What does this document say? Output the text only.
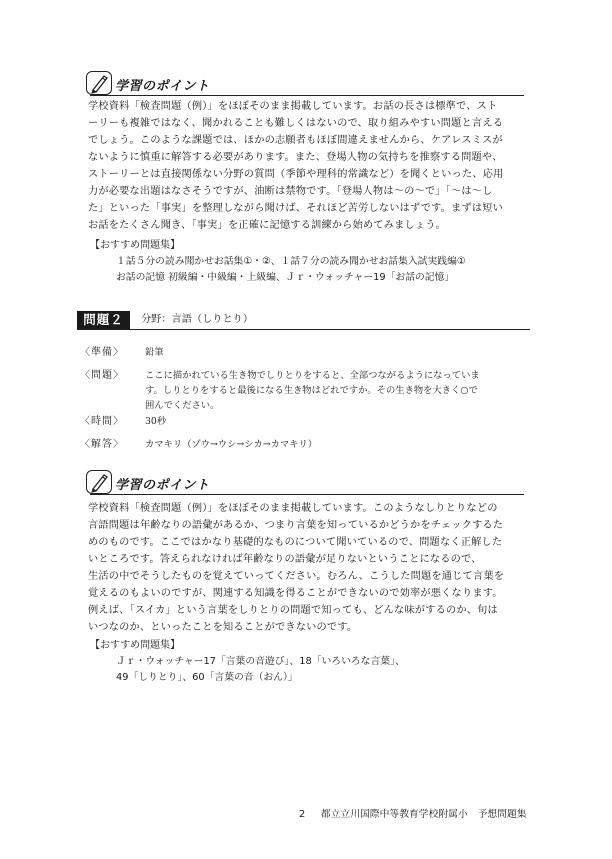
学習のポイント

学校資料「検査問題（例）」をほぼそのまま掲載しています。お話の長さは標準で、スト

ーリーも複雑ではなく、聞かれることも難しくはないので、取り組みやすい問題と言える

でしょう。このような課題では、ほかの志願者もほぼ間違えませんから、ケアレスミスが

ないように慎重に解答する必要があります。また、登場人物の気持ちを推察する問題や、

ストーリーとは直接関係ない分野の質問（季節や理科的常識など）を聞くといった、応用

力が必要な出題はなさそうですが、油断は禁物です。「登場人物は～の～で」「～は～し

た」といった「事実」を整理しながら聞けば、それほど苦労しないはずです。まずは短い

お話をたくさん聞き、「事実」を正確に記憶する訓練から始めてみましょう。

【おすすめ問題集】
１話５分の読み聞かせお話集①・②、１話７分の読み聞かせお話集入試実践編①
お話の記憶 初級編・中級編・上級編、Ｊｒ・ウォッチャー19「お話の記憶」
問題２	分野：言語（しりとり）
〈準備〉 鉛筆
〈問題〉 ここに描かれている生き物でしりとりをすると、全部つながるようになっていま
す。しりとりをすると最後になる生き物はどれですか。その生き物を大きく○で
囲んでください。
〈時間〉 30秒
〈解答〉 カマキリ（ゾウ→ウシ→シカ→カマキリ）
学習のポイント

学校資料「検査問題（例）」をほぼそのまま掲載しています。このようなしりとりなどの

言語問題は年齢なりの語彙があるか、つまり言葉を知っているかどうかをチェックするた

めのものです。ここではかなり基礎的なものについて聞いているので、問題なく正解した

いところです。答えられなければ年齢なりの語彙が足りないということになるので、

生活の中でそうしたものを覚えていってください。むろん、こうした問題を通じて言葉を

覚えるのもよいのですが、関連する知識を得ることができないので効率が悪くなります。

例えば、「スイカ」という言葉をしりとりの問題で知っても、どんな味がするのか、旬は

いつなのか、といったことを知ることができないのです。

【おすすめ問題集】
Ｊｒ・ウォッチャー17「言葉の音遊び」、18「いろいろな言葉」、
49「しりとり」、60「言葉の音（おん）」
2 都立立川国際中等教育学校附属小　予想問題集
